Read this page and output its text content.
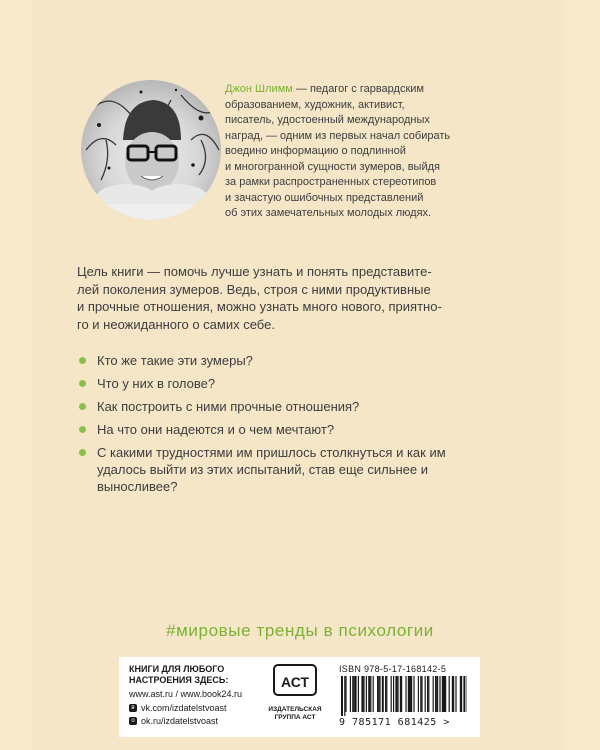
Джон Шлимм — педагог с гарвардским
образованием, художник, активист,
писатель, удостоенный международных
наград, — одним из первых начал собирать
воедино информацию о подлинной
и многогранной сущности зумеров, выйдя
за рамки распространенных стереотипов
и зачастую ошибочных представлений
об этих замечательных молодых людях.
Цель книги — помочь лучше узнать и понять представите-
лей поколения зумеров. Ведь, строя с ними продуктивные
и прочные отношения, можно узнать много нового, приятно-
го и неожиданного о самих себе.
Кто же такие эти зумеры?
Что у них в голове?
Как построить с ними прочные отношения?
На что они надеются и о чем мечтают?
С какими трудностями им пришлось столкнуться и как им удалось выйти из этих испытаний, став еще сильнее и выносливее?
#мировые тренды в психологии
КНИГИ ДЛЯ ЛЮБОГО
НАСТРОЕНИЯ ЗДЕСЬ:
www.ast.ru / www.book24.ru
в vk.com/izdatelstvoast
о ok.ru/izdatelstvoast
АСТ
ИЗДАТЕЛЬСКАЯ
ГРУППА АСТ
ISBN 978-5-17-168142-5
9 785171 681425 >
